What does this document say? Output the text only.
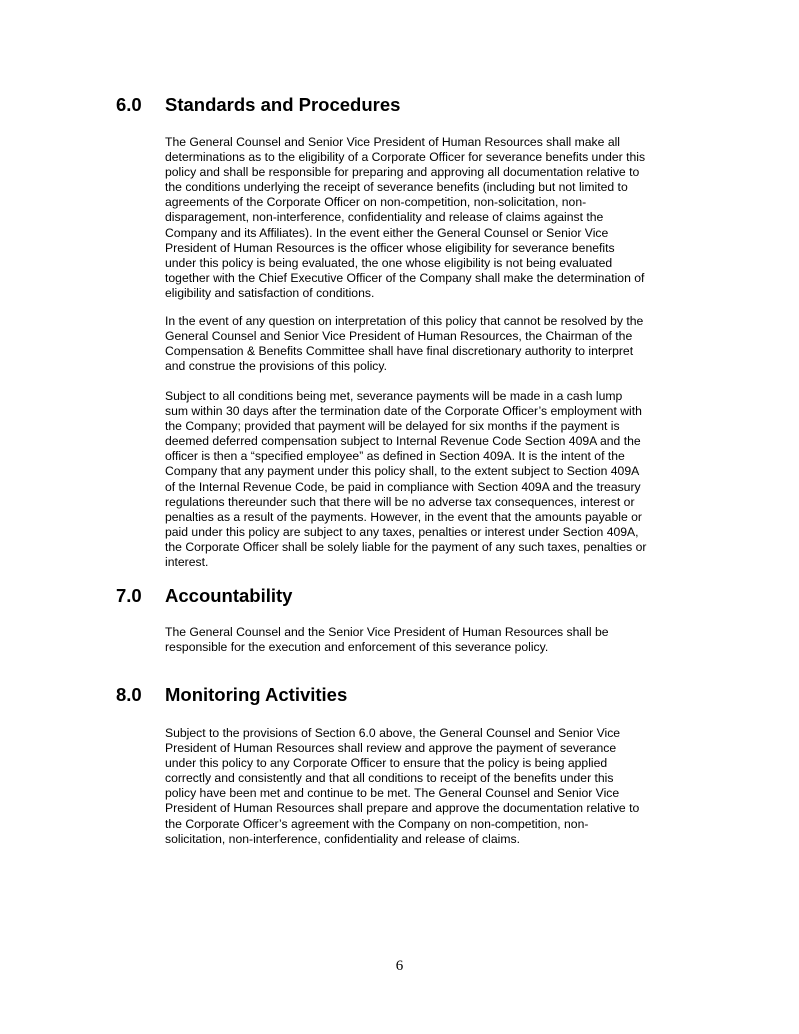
6.0 Standards and Procedures

The General Counsel and Senior Vice President of Human Resources shall make all
determinations as to the eligibility of a Corporate Officer for severance benefits under this
policy and shall be responsible for preparing and approving all documentation relative to
the conditions underlying the receipt of severance benefits (including but not limited to
agreements of the Corporate Officer on non-competition, non-solicitation, non-
disparagement, non-interference, confidentiality and release of claims against the
Company and its Affiliates). In the event either the General Counsel or Senior Vice
President of Human Resources is the officer whose eligibility for severance benefits
under this policy is being evaluated, the one whose eligibility is not being evaluated
together with the Chief Executive Officer of the Company shall make the determination of
eligibility and satisfaction of conditions.

In the event of any question on interpretation of this policy that cannot be resolved by the
General Counsel and Senior Vice President of Human Resources, the Chairman of the
Compensation & Benefits Committee shall have final discretionary authority to interpret
and construe the provisions of this policy.

Subject to all conditions being met, severance payments will be made in a cash lump
sum within 30 days after the termination date of the Corporate Officer’s employment with
the Company; provided that payment will be delayed for six months if the payment is
deemed deferred compensation subject to Internal Revenue Code Section 409A and the
officer is then a “specified employee” as defined in Section 409A. It is the intent of the
Company that any payment under this policy shall, to the extent subject to Section 409A
of the Internal Revenue Code, be paid in compliance with Section 409A and the treasury
regulations thereunder such that there will be no adverse tax consequences, interest or
penalties as a result of the payments. However, in the event that the amounts payable or
paid under this policy are subject to any taxes, penalties or interest under Section 409A,
the Corporate Officer shall be solely liable for the payment of any such taxes, penalties or
interest.

7.0 Accountability

The General Counsel and the Senior Vice President of Human Resources shall be
responsible for the execution and enforcement of this severance policy.

8.0 Monitoring Activities

Subject to the provisions of Section 6.0 above, the General Counsel and Senior Vice
President of Human Resources shall review and approve the payment of severance
under this policy to any Corporate Officer to ensure that the policy is being applied
correctly and consistently and that all conditions to receipt of the benefits under this
policy have been met and continue to be met. The General Counsel and Senior Vice
President of Human Resources shall prepare and approve the documentation relative to
the Corporate Officer’s agreement with the Company on non-competition, non-
solicitation, non-interference, confidentiality and release of claims.

6
